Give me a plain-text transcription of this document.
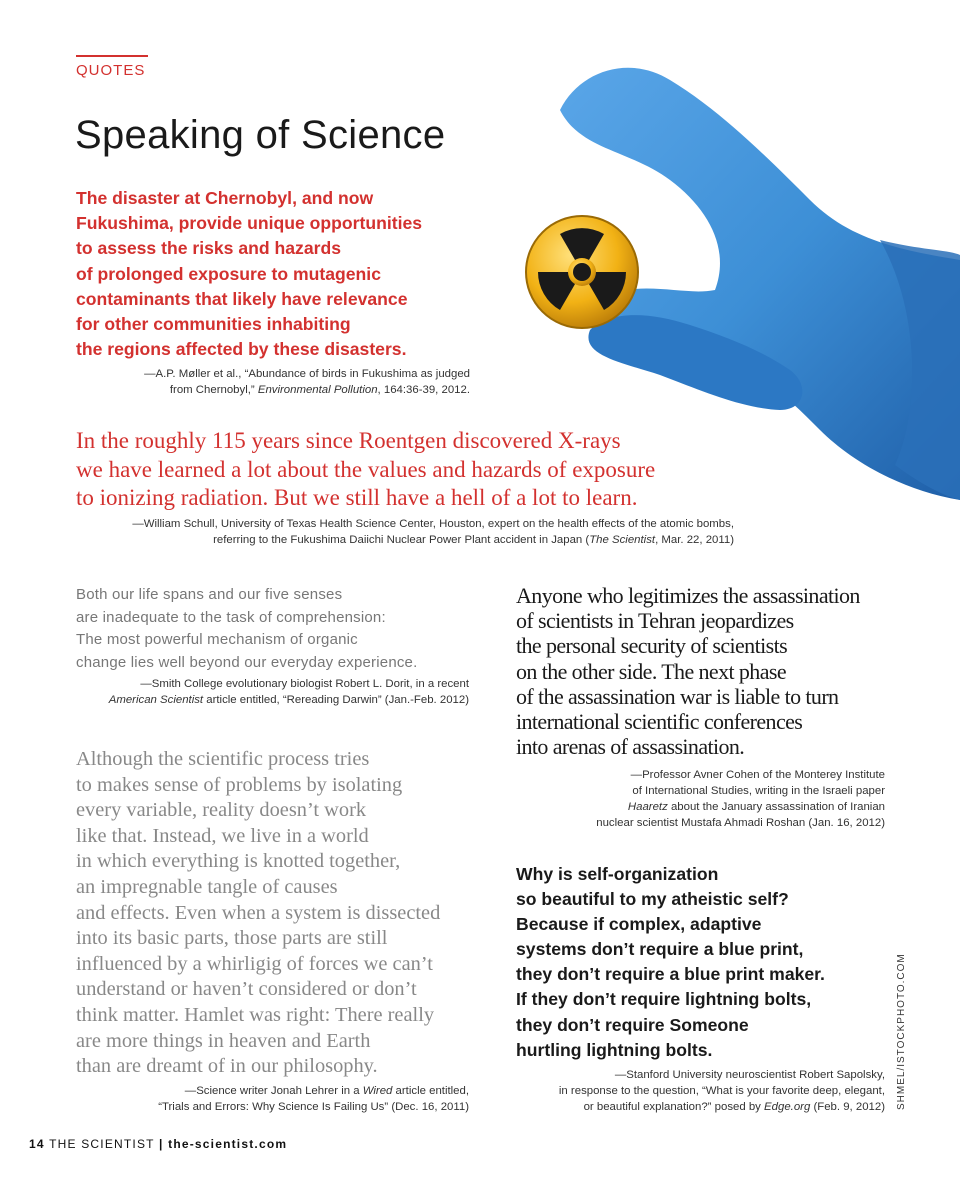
QUOTES
Speaking of Science
The disaster at Chernobyl, and now
Fukushima, provide unique opportunities
to assess the risks and hazards
of prolonged exposure to mutagenic
contaminants that likely have relevance
for other communities inhabiting
the regions affected by these disasters.
—A.P. Møller et al., “Abundance of birds in Fukushima as judged
from Chernobyl,” Environmental Pollution, 164:36-39, 2012.
In the roughly 115 years since Roentgen discovered X-rays
we have learned a lot about the values and hazards of exposure
to ionizing radiation. But we still have a hell of a lot to learn.
—William Schull, University of Texas Health Science Center, Houston, expert on the health effects of the atomic bombs,
referring to the Fukushima Daiichi Nuclear Power Plant accident in Japan (The Scientist, Mar. 22, 2011)
Both our life spans and our five senses
are inadequate to the task of comprehension:
The most powerful mechanism of organic
change lies well beyond our everyday experience.
—Smith College evolutionary biologist Robert L. Dorit, in a recent
American Scientist article entitled, “Rereading Darwin” (Jan.-Feb. 2012)
Although the scientific process tries
to makes sense of problems by isolating
every variable, reality doesn’t work
like that. Instead, we live in a world
in which everything is knotted together,
an impregnable tangle of causes
and effects. Even when a system is dissected
into its basic parts, those parts are still
influenced by a whirligig of forces we can’t
understand or haven’t considered or don’t
think matter. Hamlet was right: There really
are more things in heaven and Earth
than are dreamt of in our philosophy.
—Science writer Jonah Lehrer in a Wired article entitled,
“Trials and Errors: Why Science Is Failing Us” (Dec. 16, 2011)
Anyone who legitimizes the assassination
of scientists in Tehran jeopardizes
the personal security of scientists
on the other side. The next phase
of the assassination war is liable to turn
international scientific conferences
into arenas of assassination.
—Professor Avner Cohen of the Monterey Institute
of International Studies, writing in the Israeli paper
Haaretz about the January assassination of Iranian
nuclear scientist Mustafa Ahmadi Roshan (Jan. 16, 2012)
Why is self-organization
so beautiful to my atheistic self?
Because if complex, adaptive
systems don’t require a blue print,
they don’t require a blue print maker.
If they don’t require lightning bolts,
they don’t require Someone
hurtling lightning bolts.
—Stanford University neuroscientist Robert Sapolsky,
in response to the question, “What is your favorite deep, elegant,
or beautiful explanation?” posed by Edge.org (Feb. 9, 2012) SHMEL/ISTOCKPHOTO.COM
14 THE SCIENTIST | the-scientist.com
